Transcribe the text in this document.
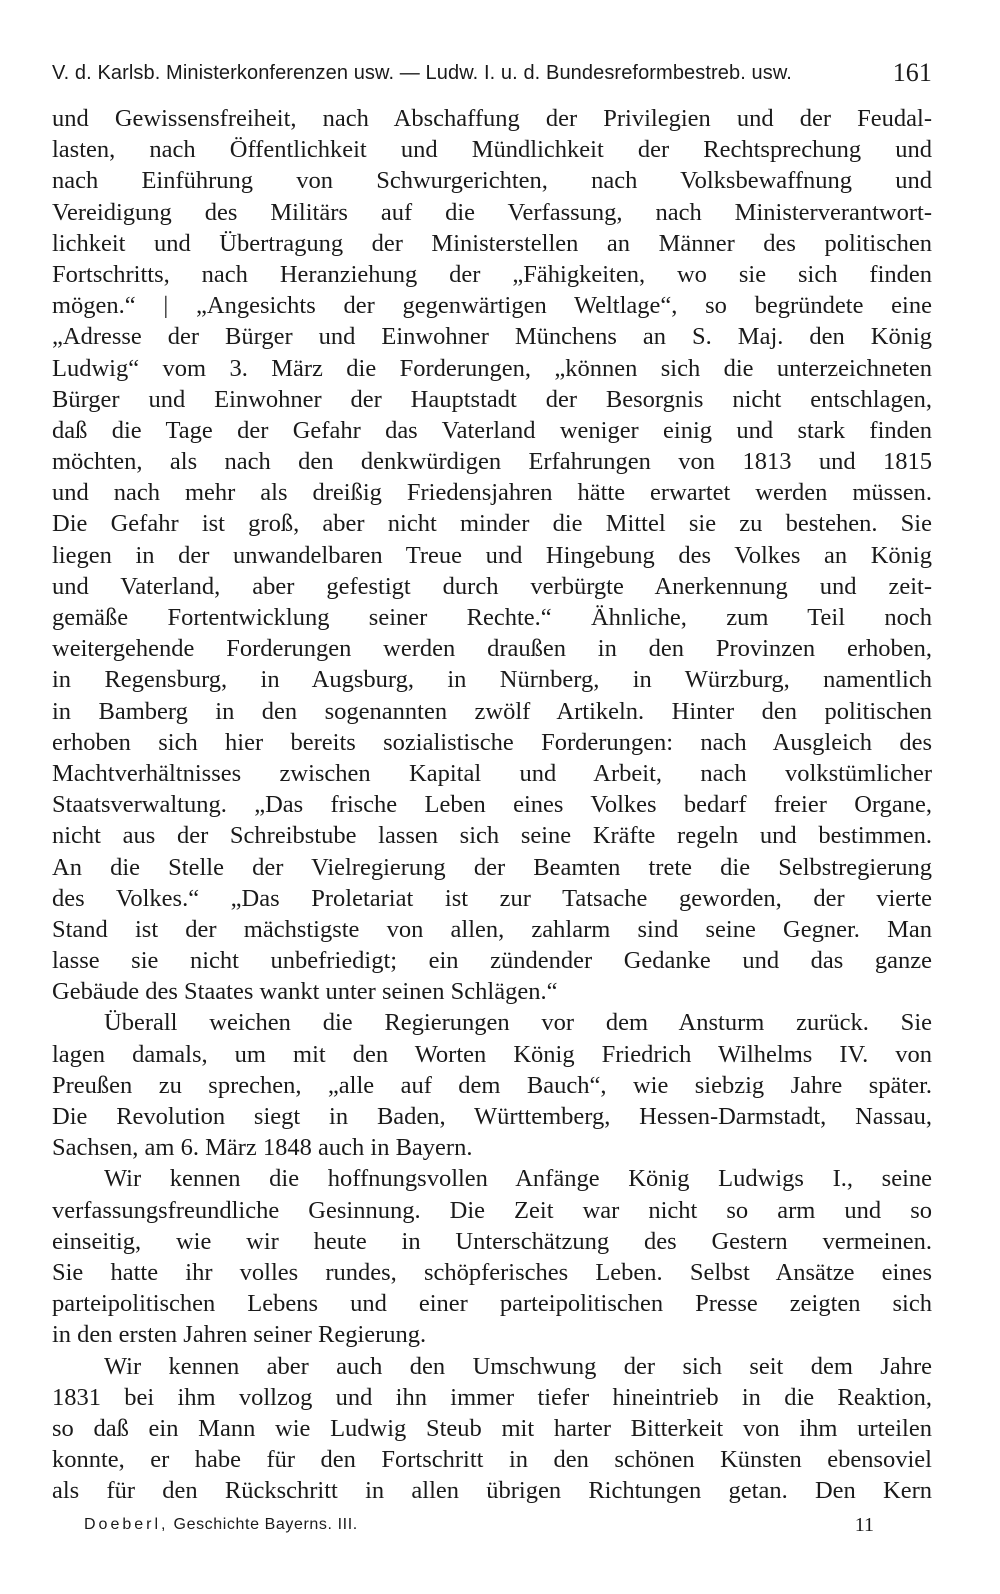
V. d. Karlsb. Ministerkonferenzen usw. — Ludw. I. u. d. Bundesreformbestreb. usw.	161
und Gewissensfreiheit, nach Abschaffung der Privilegien und der Feudal-
lasten, nach Öffentlichkeit und Mündlichkeit der Rechtsprechung und
nach Einführung von Schwurgerichten, nach Volksbewaffnung und
Vereidigung des Militärs auf die Verfassung, nach Ministerverantwort-
lichkeit und Übertragung der Ministerstellen an Männer des politischen
Fortschritts, nach Heranziehung der „Fähigkeiten, wo sie sich finden
mögen.“ | „Angesichts der gegenwärtigen Weltlage“, so begründete eine
„Adresse der Bürger und Einwohner Münchens an S. Maj. den König
Ludwig“ vom 3. März die Forderungen, „können sich die unterzeichneten
Bürger und Einwohner der Hauptstadt der Besorgnis nicht entschlagen,
daß die Tage der Gefahr das Vaterland weniger einig und stark finden
möchten, als nach den denkwürdigen Erfahrungen von 1813 und 1815
und nach mehr als dreißig Friedensjahren hätte erwartet werden müssen.
Die Gefahr ist groß, aber nicht minder die Mittel sie zu bestehen. Sie
liegen in der unwandelbaren Treue und Hingebung des Volkes an König
und Vaterland, aber gefestigt durch verbürgte Anerkennung und zeit-
gemäße Fortentwicklung seiner Rechte.“ Ähnliche, zum Teil noch
weitergehende Forderungen werden draußen in den Provinzen erhoben,
in Regensburg, in Augsburg, in Nürnberg, in Würzburg, namentlich
in Bamberg in den sogenannten zwölf Artikeln. Hinter den politischen
erhoben sich hier bereits sozialistische Forderungen: nach Ausgleich des
Machtverhältnisses zwischen Kapital und Arbeit, nach volkstümlicher
Staatsverwaltung. „Das frische Leben eines Volkes bedarf freier Organe,
nicht aus der Schreibstube lassen sich seine Kräfte regeln und bestimmen.
An die Stelle der Vielregierung der Beamten trete die Selbstregierung
des Volkes.“ „Das Proletariat ist zur Tatsache geworden, der vierte
Stand ist der mächstigste von allen, zahlarm sind seine Gegner. Man
lasse sie nicht unbefriedigt; ein zündender Gedanke und das ganze
Gebäude des Staates wankt unter seinen Schlägen.“
Überall weichen die Regierungen vor dem Ansturm zurück. Sie
lagen damals, um mit den Worten König Friedrich Wilhelms IV. von
Preußen zu sprechen, „alle auf dem Bauch“, wie siebzig Jahre später.
Die Revolution siegt in Baden, Württemberg, Hessen-Darmstadt, Nassau,
Sachsen, am 6. März 1848 auch in Bayern.
Wir kennen die hoffnungsvollen Anfänge König Ludwigs I., seine
verfassungsfreundliche Gesinnung. Die Zeit war nicht so arm und so
einseitig, wie wir heute in Unterschätzung des Gestern vermeinen.
Sie hatte ihr volles rundes, schöpferisches Leben. Selbst Ansätze eines
parteipolitischen Lebens und einer parteipolitischen Presse zeigten sich
in den ersten Jahren seiner Regierung.
Wir kennen aber auch den Umschwung der sich seit dem Jahre
1831 bei ihm vollzog und ihn immer tiefer hineintrieb in die Reaktion,
so daß ein Mann wie Ludwig Steub mit harter Bitterkeit von ihm urteilen
konnte, er habe für den Fortschritt in den schönen Künsten ebensoviel
als für den Rückschritt in allen übrigen Richtungen getan. Den Kern
Doeberl, Geschichte Bayerns. III.	11
